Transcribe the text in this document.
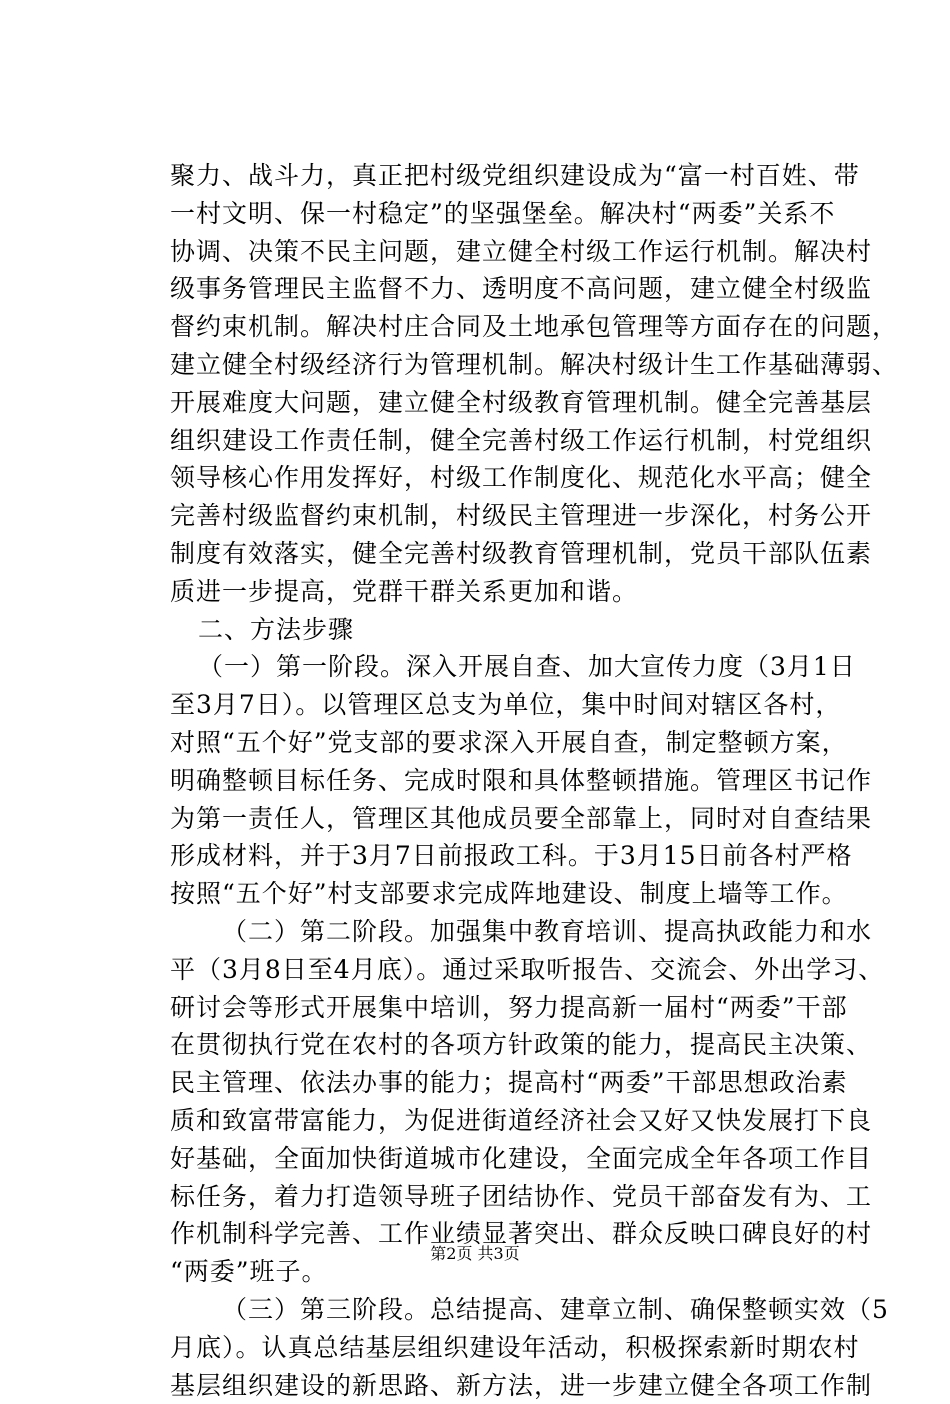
聚力、战斗力，真正把村级党组织建设成为“富一村百姓、带
一村文明、保一村稳定”的坚强堡垒。解决村“两委”关系不
协调、决策不民主问题，建立健全村级工作运行机制。解决村
级事务管理民主监督不力、透明度不高问题，建立健全村级监
督约束机制。解决村庄合同及土地承包管理等方面存在的问题，
建立健全村级经济行为管理机制。解决村级计生工作基础薄弱、
开展难度大问题，建立健全村级教育管理机制。健全完善基层
组织建设工作责任制，健全完善村级工作运行机制，村党组织
领导核心作用发挥好，村级工作制度化、规范化水平高；健全
完善村级监督约束机制，村级民主管理进一步深化，村务公开
制度有效落实，健全完善村级教育管理机制，党员干部队伍素
质进一步提高，党群干群关系更加和谐。
二、方法步骤
（一）第一阶段。深入开展自查、加大宣传力度（3月1日
至3月7日）。以管理区总支为单位，集中时间对辖区各村，
对照“五个好”党支部的要求深入开展自查，制定整顿方案，
明确整顿目标任务、完成时限和具体整顿措施。管理区书记作
为第一责任人，管理区其他成员要全部靠上，同时对自查结果
形成材料，并于3月7日前报政工科。于3月15日前各村严格
按照“五个好”村支部要求完成阵地建设、制度上墙等工作。
（二）第二阶段。加强集中教育培训、提高执政能力和水
平（3月8日至4月底）。通过采取听报告、交流会、外出学习、
研讨会等形式开展集中培训，努力提高新一届村“两委”干部
在贯彻执行党在农村的各项方针政策的能力，提高民主决策、
民主管理、依法办事的能力；提高村“两委”干部思想政治素
质和致富带富能力，为促进街道经济社会又好又快发展打下良
好基础，全面加快街道城市化建设，全面完成全年各项工作目
标任务，着力打造领导班子团结协作、党员干部奋发有为、工
作机制科学完善、工作业绩显著突出、群众反映口碑良好的村
“两委”班子。
（三）第三阶段。总结提高、建章立制、确保整顿实效（5
月底）。认真总结基层组织建设年活动，积极探索新时期农村
基层组织建设的新思路、新方法，进一步建立健全各项工作制
第2页 共3页
